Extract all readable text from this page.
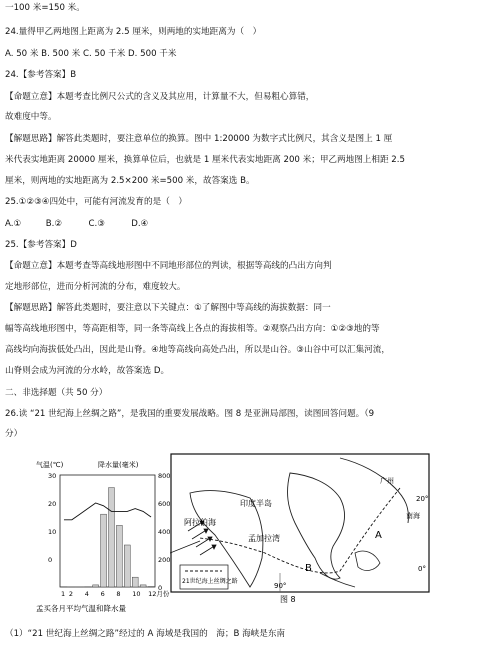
一100 米=150 米。
24.量得甲乙两地图上距离为 2.5 厘米，则两地的实地距离为（　）
A. 50 米 B. 500 米 C. 50 千米 D. 500 千米
24.【参考答案】B
【命题立意】本题考查比例尺公式的含义及其应用，计算量不大，但易粗心算错，
故难度中等。
【解题思路】解答此类题时，要注意单位的换算。图中 1:20000 为数字式比例尺，其含义是图上 1 厘
米代表实地距离 20000 厘米，换算单位后，也就是 1 厘米代表实地距离 200 米；甲乙两地图上相距 2.5
厘米，则两地的实地距离为 2.5×200 米=500 米，故答案选 B。
25.①②③④四处中，可能有河流发育的是（　）
A.①	B.②	C.③	D.④
25.【参考答案】D
【命题立意】本题考查等高线地形图中不同地形部位的判读，根据等高线的凸出方向判
定地形部位，进而分析河流的分布，难度较大。
【解题思路】解答此类题时，要注意以下关键点：①了解图中等高线的海拔数据：同一
幅等高线地形图中，等高距相等，同一条等高线上各点的海拔相等。②观察凸出方向：①②③地的等
高线均向海拔低处凸出，因此是山脊。④地等高线向高处凸出，所以是山谷。③山谷中可以汇集河流，
山脊则会成为河流的分水岭，故答案选 D。
二、非选择题（共 50 分）
26.读 “21 世纪海上丝绸之路”，是我国的重要发展战略。图 8 是亚洲局部图，读图回答问题。（9
分）
气温(℃)	降水量(毫米)
30
20
10
0
800
600
400
200
0
1 2 4 6 8 10 12月份
孟买各月平均气温和降水量
90°
20°
0°
印度半岛
阿拉伯海
孟加拉湾
广州
南海
A
B
21世纪海上丝绸之路
图 8
（1）“21 世纪海上丝绸之路”经过的 A 海域是我国的　海；B 海峡是东南
